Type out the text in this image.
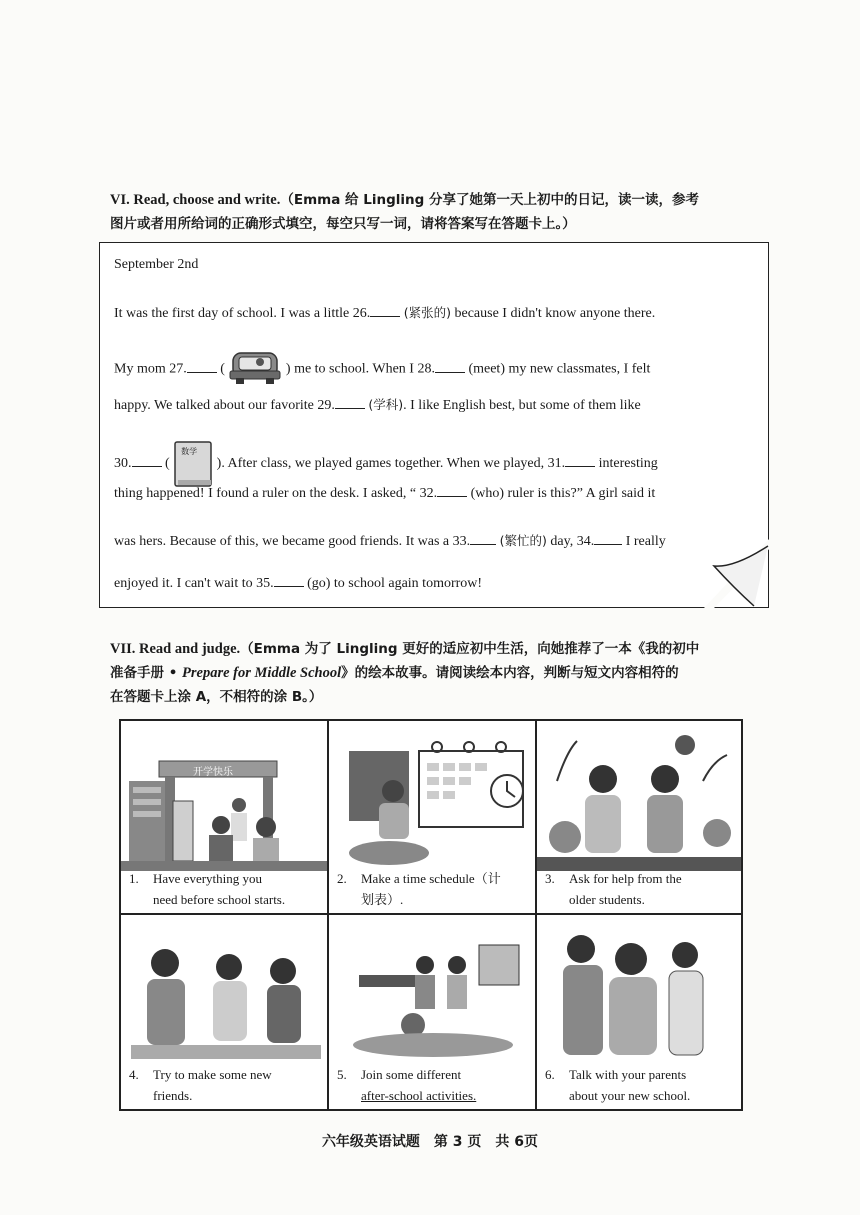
VI. Read, choose and write.（Emma 给 Lingling 分享了她第一天上初中的日记，读一读，参考
图片或者用所给词的正确形式填空，每空只写一词，请将答案写在答题卡上。）
September 2nd
It was the first day of school. I was a little 26.	(紧张的) because I didn't know anyone there.
My mom 27. (	) me to school. When I 28. (meet) my new classmates, I felt
happy. We talked about our favorite 29.	(学科). I like English best, but some of them like
30. (
数学
). After class, we played games together. When we played, 31. interesting
thing happened! I found a ruler on the desk. I asked, “ 32. (who) ruler is this?” A girl said it
was hers. Because of this, we became good friends. It was a 33. (繁忙的) day, 34. I really
enjoyed it. I can't wait to 35. (go) to school again tomorrow!
VII. Read and judge.（Emma 为了 Lingling 更好的适应初中生活，向她推荐了一本《我的初中
准备手册 • Prepare for Middle School》的绘本故事。请阅读绘本内容，判断与短文内容相符的
在答题卡上涂 A，不相符的涂 B。）
开学快乐
1. Have everything you
need before school starts.
2. Make a time schedule（计
划表）.
3. Ask for help from the
older students.
4. Try to make some new
friends.
5. Join some different
after-school activities.
6. Talk with your parents
about your new school.
六年级英语试题　第 3 页　共 6页
